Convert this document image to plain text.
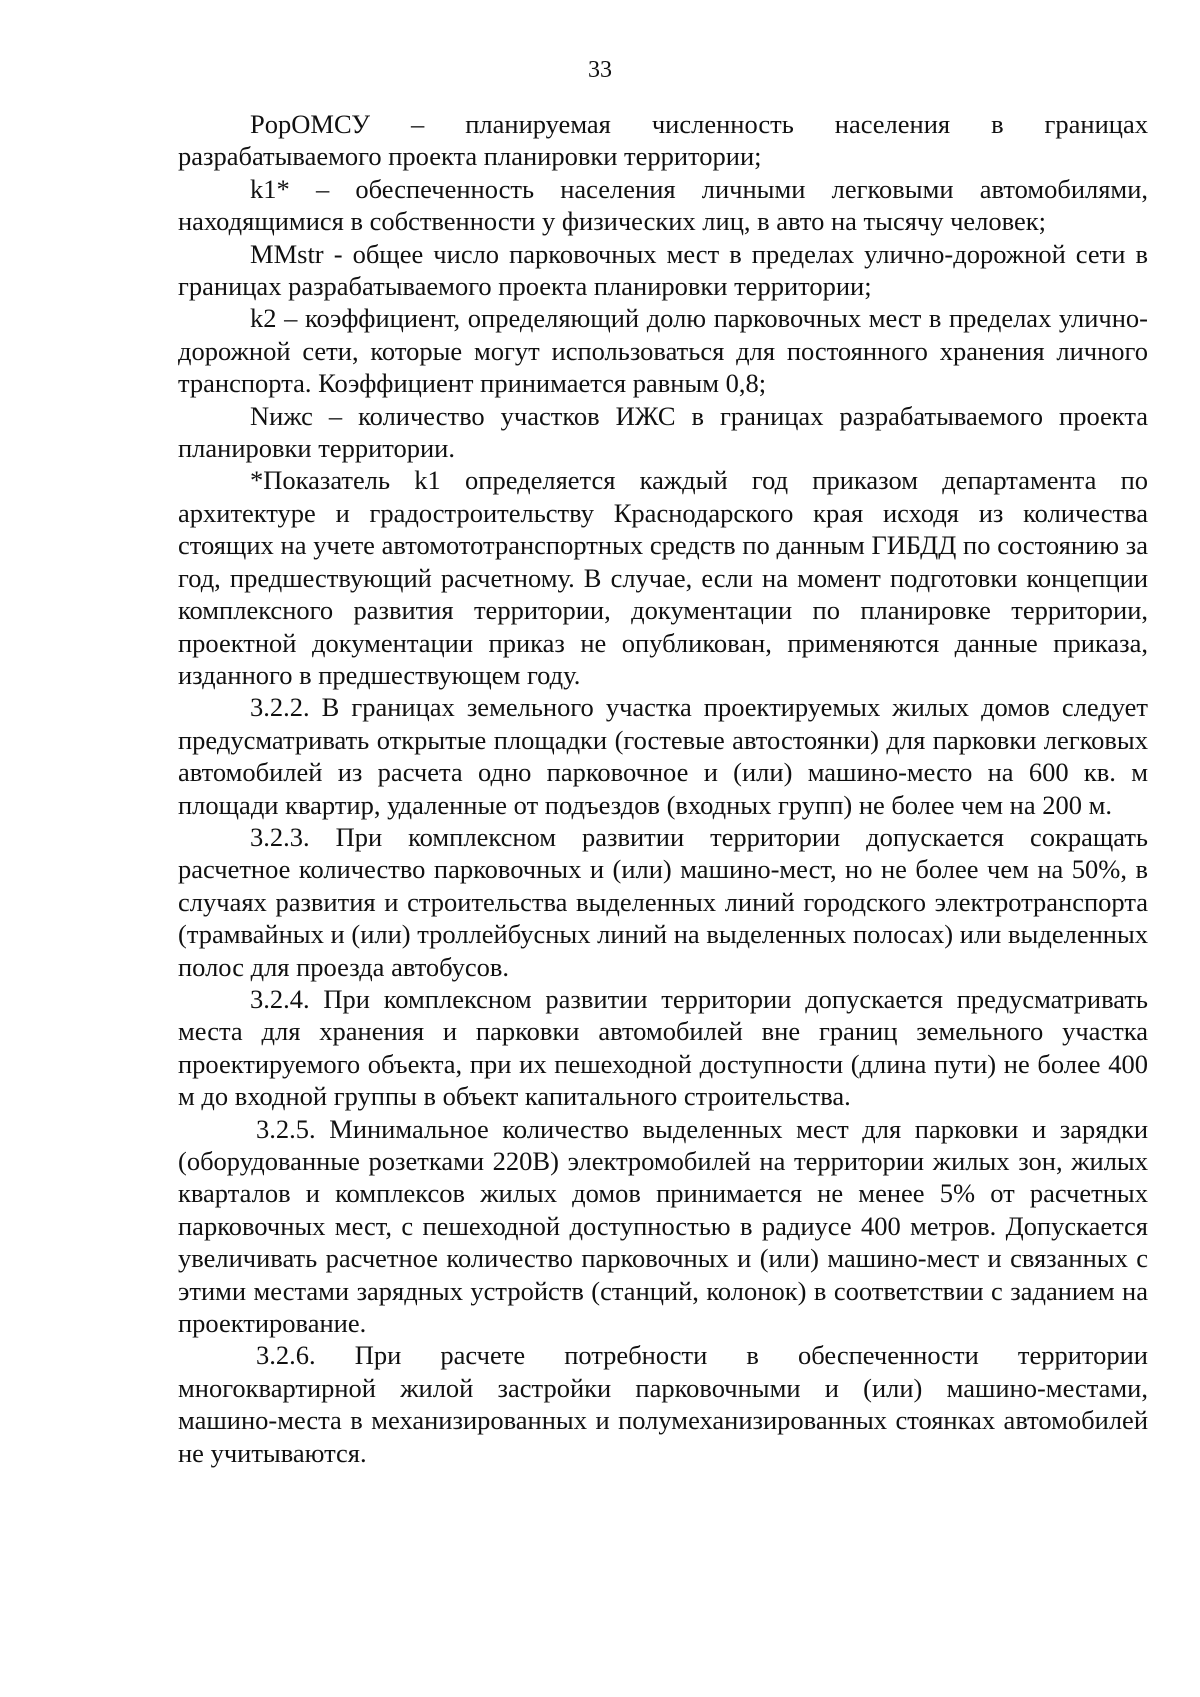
33

PopОМСУ – планируемая численность населения в границах разрабатываемого проекта планировки территории;

k1* – обеспеченность населения личными легковыми автомобилями, находящимися в собственности у физических лиц, в авто на тысячу человек;

MMstr - общее число парковочных мест в пределах улично-дорожной сети в границах разрабатываемого проекта планировки территории;

k2 – коэффициент, определяющий долю парковочных мест в пределах улично-дорожной сети, которые могут использоваться для постоянного хранения личного транспорта. Коэффициент принимается равным 0,8;

Nижс – количество участков ИЖС в границах разрабатываемого проекта планировки территории.

*Показатель k1 определяется каждый год приказом департамента по архитектуре и градостроительству Краснодарского края исходя из количества стоящих на учете автомототранспортных средств по данным ГИБДД по состоянию за год, предшествующий расчетному. В случае, если на момент подготовки концепции комплексного развития территории, документации по планировке территории, проектной документации приказ не опубликован, применяются данные приказа, изданного в предшествующем году.

3.2.2. В границах земельного участка проектируемых жилых домов следует предусматривать открытые площадки (гостевые автостоянки) для парковки легковых автомобилей из расчета одно парковочное и (или) машино-место на 600 кв. м площади квартир, удаленные от подъездов (входных групп) не более чем на 200 м.

3.2.3. При комплексном развитии территории допускается сокращать расчетное количество парковочных и (или) машино-мест, но не более чем на 50%, в случаях развития и строительства выделенных линий городского электротранспорта (трамвайных и (или) троллейбусных линий на выделенных полосах) или выделенных полос для проезда автобусов.

3.2.4. При комплексном развитии территории допускается предусматривать места для хранения и парковки автомобилей вне границ земельного участка проектируемого объекта, при их пешеходной доступности (длина пути) не более 400 м до входной группы в объект капитального строительства.

3.2.5. Минимальное количество выделенных мест для парковки и зарядки (оборудованные розетками 220В) электромобилей на территории жилых зон, жилых кварталов и комплексов жилых домов принимается не менее 5% от расчетных парковочных мест, с пешеходной доступностью в радиусе 400 метров. Допускается увеличивать расчетное количество парковочных и (или) машино-мест и связанных с этими местами зарядных устройств (станций, колонок) в соответствии с заданием на проектирование.

3.2.6. При расчете потребности в обеспеченности территории многоквартирной жилой застройки парковочными и (или) машино-местами, машино-места в механизированных и полумеханизированных стоянках автомобилей не учитываются.
